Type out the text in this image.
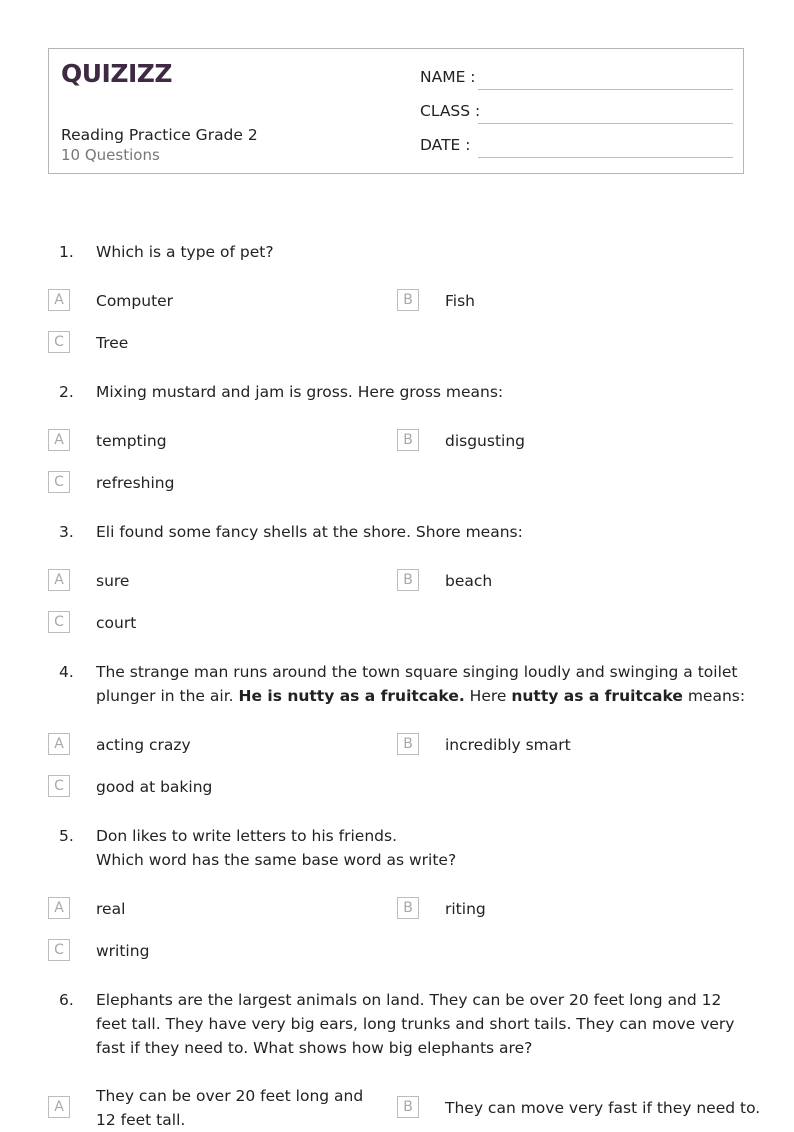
QUIZIZZ
Reading Practice Grade 2
10 Questions
NAME :
CLASS :
DATE :
1. Which is a type of pet?
A	Computer	B	Fish
C	Tree
2. Mixing mustard and jam is gross. Here gross means:
A	tempting	B	disgusting
C	refreshing
3. Eli found some fancy shells at the shore. Shore means:
A	sure	B	beach
C	court
4. The strange man runs around the town square singing loudly and swinging a toilet plunger in the air. He is nutty as a fruitcake. Here nutty as a fruitcake means:
A	acting crazy	B	incredibly smart
C	good at baking
5. Don likes to write letters to his friends.
Which word has the same base word as write?
A	real	B	riting
C	writing
6. Elephants are the largest animals on land. They can be over 20 feet long and 12 feet tall. They have very big ears, long trunks and short tails. They can move very fast if they need to. What shows how big elephants are?
A
They can be over 20 feet long and 12 feet tall.
B	They can move very fast if they need to.
